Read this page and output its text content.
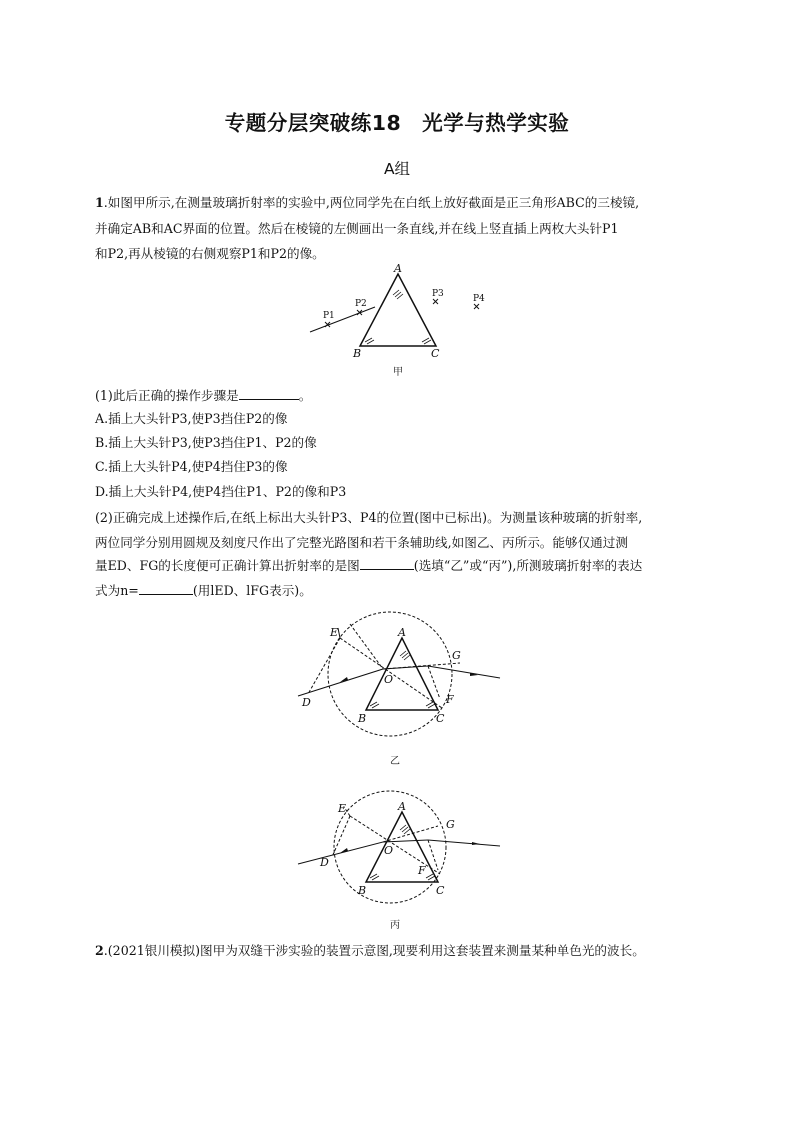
专题分层突破练18　光学与热学实验
A组
1.如图甲所示,在测量玻璃折射率的实验中,两位同学先在白纸上放好截面是正三角形ABC的三棱镜,
并确定AB和AC界面的位置。然后在棱镜的左侧画出一条直线,并在线上竖直插上两枚大头针P1
和P2,再从棱镜的右侧观察P1和P2的像。
A
B	C
P1
P2
P3	P4
甲
(1)此后正确的操作步骤是	。
A.插上大头针P3,使P3挡住P2的像
B.插上大头针P3,使P3挡住P1、P2的像
C.插上大头针P4,使P4挡住P3的像
D.插上大头针P4,使P4挡住P1、P2的像和P3
(2)正确完成上述操作后,在纸上标出大头针P3、P4的位置(图中已标出)。为测量该种玻璃的折射率,
两位同学分别用圆规及刻度尺作出了完整光路图和若干条辅助线,如图乙、丙所示。能够仅通过测
量ED、FG的长度便可正确计算出折射率的是图	(选填“乙”或“丙”),所测玻璃折射率的表达
式为n=	(用lED、lFG表示)。
A
B	C
D
E
F
G
O
乙
A
B	C
D
E
F
G
O
丙
2.(2021银川模拟)图甲为双缝干涉实验的装置示意图,现要利用这套装置来测量某种单色光的波长。
